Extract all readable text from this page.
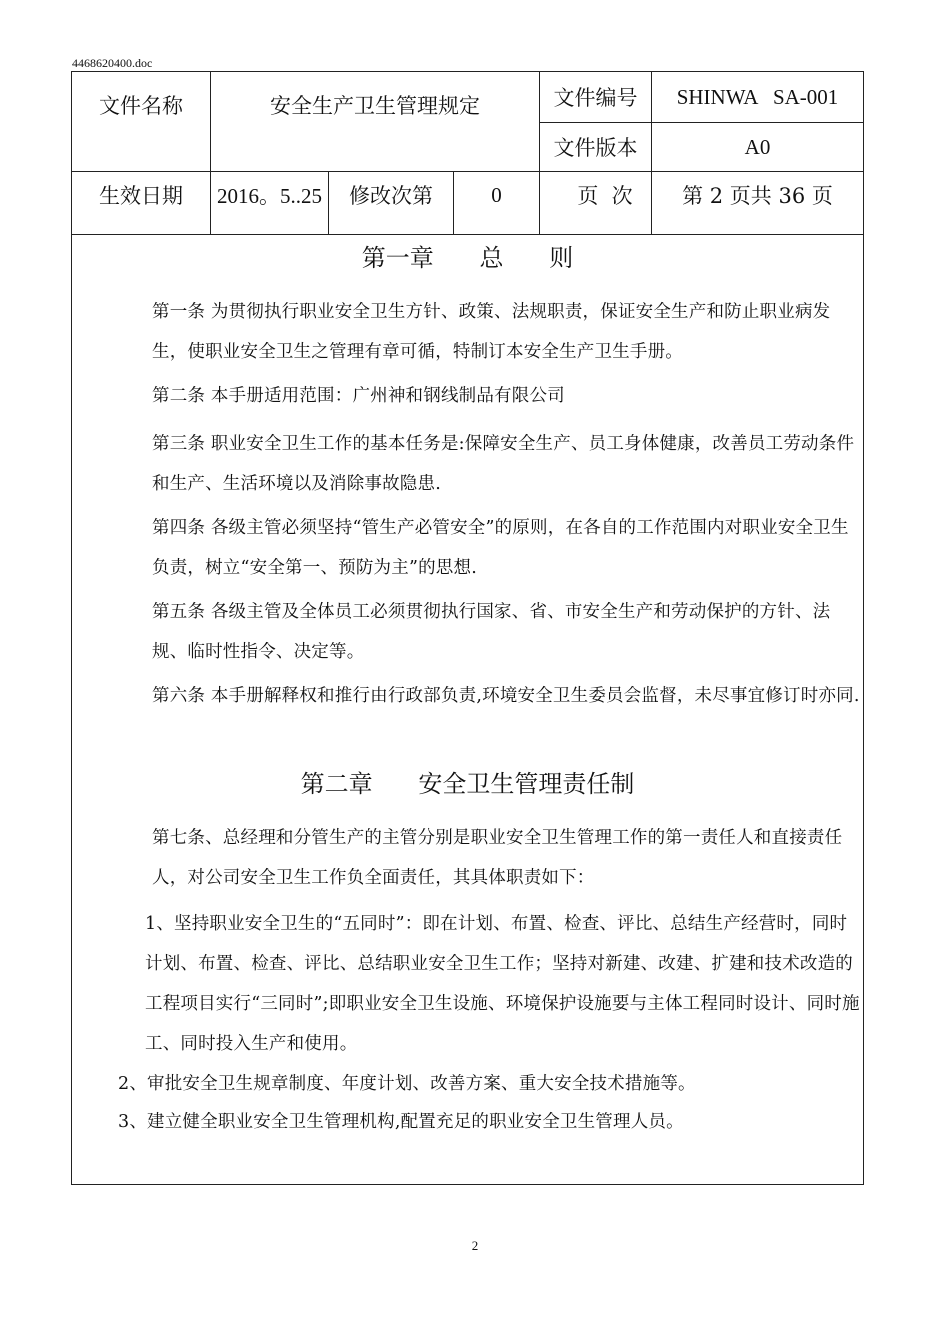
4468620400.doc
文件名称	安全生产卫生管理规定	文件编号	SHINWA   SA-001
文件版本	A0
生效日期	2016。5..25	修改次第	0	页  次	第 2 页共 36 页
第一章      总      则
第一条 为贯彻执行职业安全卫生方针、政策、法规职责，保证安全生产和防止职业病发生，使职业安全卫生之管理有章可循，特制订本安全生产卫生手册。
第二条 本手册适用范围：广州神和钢线制品有限公司
第三条 职业安全卫生工作的基本任务是:保障安全生产、员工身体健康，改善员工劳动条件和生产、生活环境以及消除事故隐患.
第四条 各级主管必须坚持“管生产必管安全”的原则，在各自的工作范围内对职业安全卫生负责，树立“安全第一、预防为主”的思想.
第五条 各级主管及全体员工必须贯彻执行国家、省、市安全生产和劳动保护的方针、法规、临时性指令、决定等。
第六条 本手册解释权和推行由行政部负责,环境安全卫生委员会监督，未尽事宜修订时亦同.
第二章      安全卫生管理责任制
第七条、总经理和分管生产的主管分别是职业安全卫生管理工作的第一责任人和直接责任人，对公司安全卫生工作负全面责任，其具体职责如下：
1、坚持职业安全卫生的“五同时”：即在计划、布置、检查、评比、总结生产经营时，同时计划、布置、检查、评比、总结职业安全卫生工作；坚持对新建、改建、扩建和技术改造的工程项目实行“三同时”;即职业安全卫生设施、环境保护设施要与主体工程同时设计、同时施工、同时投入生产和使用。
2、审批安全卫生规章制度、年度计划、改善方案、重大安全技术措施等。
3、建立健全职业安全卫生管理机构,配置充足的职业安全卫生管理人员。
2
